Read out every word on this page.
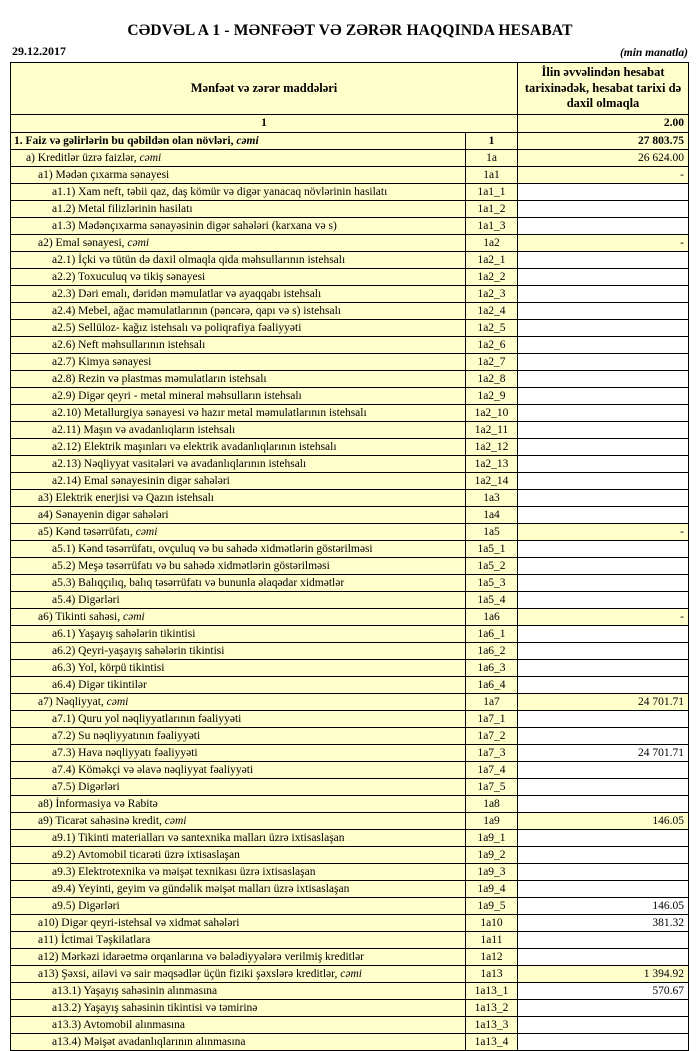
CƏDVƏL A 1 - MƏNFƏƏT VƏ ZƏRƏR HAQQINDA HESABAT
29.12.2017	(min manatla)
Mənfəət və zərər maddələri		İlin əvvəlindən hesabat tarixinədək, hesabat tarixi də daxil olmaqla
1		2.00
1. Faiz və gəlirlərin bu qəbildən olan növləri, cəmi	1	27 803.75
a) Kreditlər üzrə faizlər, cəmi	1a	26 624.00
a1) Mədən çıxarma sənayesi	1a1	-
a1.1) Xam neft, təbii qaz, daş kömür və digər yanacaq növlərinin hasilatı	1a1_1	
a1.2) Metal filizlərinin hasilatı	1a1_2	
a1.3) Mədənçıxarma sənayəsinin digər sahələri (karxana və s)	1a1_3	
a2) Emal sənayesi, cəmi	1a2	-
a2.1) İçki və tütün də daxil olmaqla qida məhsullarının istehsalı	1a2_1	
a2.2) Toxuculuq və tikiş sənayesi	1a2_2	
a2.3) Dəri emalı, dəridən məmulatlar və ayaqqabı istehsalı	1a2_3	
a2.4) Mebel, ağac məmulatlarının (pəncərə, qapı və s) istehsalı	1a2_4	
a2.5) Sellüloz- kağız istehsalı və poliqrafiya fəaliyyəti	1a2_5	
a2.6) Neft məhsullarının istehsalı	1a2_6	
a2.7) Kimya sənayesi	1a2_7	
a2.8) Rezin və plastmas məmulatların istehsalı	1a2_8	
a2.9) Digər qeyri - metal mineral məhsulların istehsalı	1a2_9	
a2.10) Metallurgiya sənayesi və hazır metal məmulatlarının istehsalı	1a2_10	
a2.11) Maşın və avadanlıqların istehsalı	1a2_11	
a2.12) Elektrik maşınları və elektrik avadanlıqlarının istehsalı	1a2_12	
a2.13) Nəqliyyat vasitələri və avadanlıqlarının istehsalı	1a2_13	
a2.14) Emal sənayesinin digər sahələri	1a2_14	
a3) Elektrik enerjisi və Qazın istehsalı	1a3	
a4) Sənayenin digər sahələri	1a4	
a5) Kənd təsərrüfatı, cəmi	1a5	-
a5.1) Kənd təsərrüfatı, ovçuluq və bu sahədə xidmətlərin göstərilməsi	1a5_1	
a5.2) Meşə təsərrüfatı və bu sahədə xidmətlərin göstərilməsi	1a5_2	
a5.3) Balıqçılıq, balıq təsərrüfatı və bununla əlaqədar xidmətlər	1a5_3	
a5.4) Digərləri	1a5_4	
a6) Tikinti sahəsi, cəmi	1a6	-
a6.1) Yaşayış sahələrin tikintisi	1a6_1	
a6.2) Qeyri-yaşayış sahələrin tikintisi	1a6_2	
a6.3) Yol, körpü tikintisi	1a6_3	
a6.4) Digər tikintilər	1a6_4	
a7) Nəqliyyat, cəmi	1a7	24 701.71
a7.1) Quru yol nəqliyyatlarının fəaliyyəti	1a7_1	
a7.2) Su nəqliyyatının fəaliyyəti	1a7_2	
a7.3) Hava nəqliyyatı fəaliyyəti	1a7_3	24 701.71
a7.4) Köməkçi və əlavə nəqliyyat fəaliyyəti	1a7_4	
a7.5) Digərləri	1a7_5	
a8) İnformasiya və Rabitə	1a8	
a9) Ticarət sahəsinə kredit, cəmi	1a9	146.05
a9.1) Tikinti materialları və santexnika malları üzrə ixtisaslaşan	1a9_1	
a9.2) Avtomobil ticarəti üzrə ixtisaslaşan	1a9_2	
a9.3) Elektrotexnika və məişət texnikası üzrə ixtisaslaşan	1a9_3	
a9.4) Yeyinti, geyim və gündəlik məişət malları üzrə ixtisaslaşan	1a9_4	
a9.5) Digərləri	1a9_5	146.05
a10) Digər qeyri-istehsal və xidmət sahələri	1a10	381.32
a11) İctimai Təşkilatlara	1a11	
a12) Mərkəzi idarəetmə orqanlarına və bələdiyyələrə verilmiş kreditlər	1a12	
a13) Şəxsi, ailəvi və sair məqsədlər üçün fiziki şəxslərə kreditlər, cəmi	1a13	1 394.92
a13.1) Yaşayış sahəsinin alınmasına	1a13_1	570.67
a13.2) Yaşayış sahəsinin tikintisi və təmirinə	1a13_2	
a13.3) Avtomobil alınmasına	1a13_3	
a13.4) Məişət avadanlıqlarının alınmasına	1a13_4	
